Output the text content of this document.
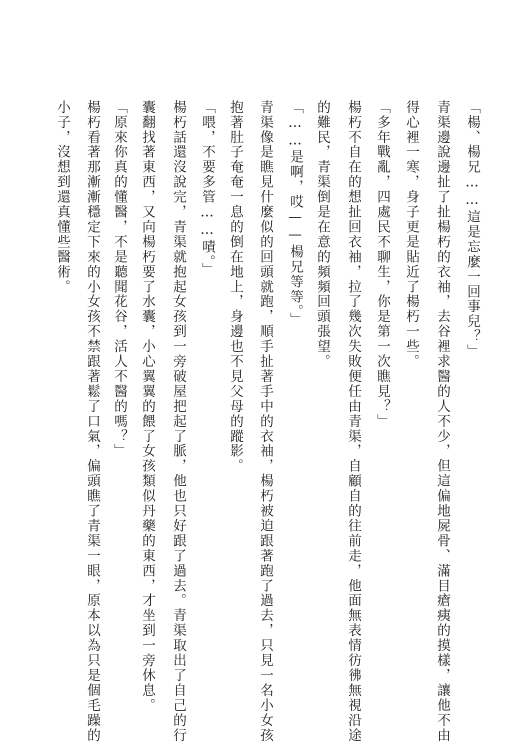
「楊、楊兄……這是忘麼一回事兒？」
青渠邊說邊扯了扯楊朽的衣袖，去谷裡求醫的人不少，但這偏地屍骨、滿目瘡痍的摸樣，讓他不由
得心裡一寒，身子更是貼近了楊朽一些。
「多年戰亂，四處民不聊生，你是第一次瞧見？」
楊朽不自在的想扯回衣袖，拉了幾次失敗便任由青渠，自顧自的往前走，他面無表情彷彿無視沿途
的難民，青渠倒是在意的頻頻回頭張望。
「……是啊，哎——楊兄等等。」
青渠像是瞧見什麼似的回頭就跑，順手扯著手中的衣袖，楊朽被迫跟著跑了過去，只見一名小女孩
抱著肚子奄奄一息的倒在地上，身邊也不見父母的蹤影。
「喂，不要多管……嘖。」
楊朽話還沒說完，青渠就抱起女孩到一旁破屋把起了脈，他也只好跟了過去。青渠取出了自己的行
囊翻找著東西，又向楊朽要了水囊，小心翼翼的餵了女孩類似丹藥的東西，才坐到一旁休息。
「原來你真的懂醫，不是聽聞花谷，活人不醫的嗎？」
楊朽看著那漸漸穩定下來的小女孩不禁跟著鬆了口氣，偏頭瞧了青渠一眼，原本以為只是個毛躁的
小子，沒想到還真懂些醫術。
